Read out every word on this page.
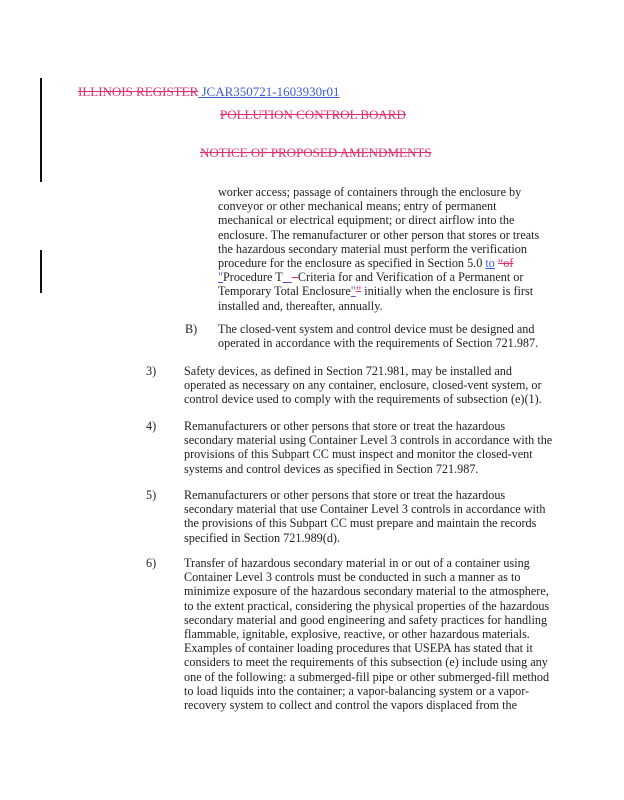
ILLINOIS REGISTER JCAR350721-1603930r01
POLLUTION CONTROL BOARD
NOTICE OF PROPOSED AMENDMENTS

worker access; passage of containers through the enclosure by conveyor or other mechanical means; entry of permanent mechanical or electrical equipment; or direct airflow into the enclosure. The remanufacturer or other person that stores or treats the hazardous secondary material must perform the verification procedure for the enclosure as specified in Section 5.0 to “of
"Procedure T –Criteria for and Verification of a Permanent or Temporary Total Enclosure"” initially when the enclosure is first installed and, thereafter, annually.

B) The closed-vent system and control device must be designed and operated in accordance with the requirements of Section 721.987.

3) Safety devices, as defined in Section 721.981, may be installed and operated as necessary on any container, enclosure, closed-vent system, or control device used to comply with the requirements of subsection (e)(1).

4) Remanufacturers or other persons that store or treat the hazardous secondary material using Container Level 3 controls in accordance with the provisions of this Subpart CC must inspect and monitor the closed-vent systems and control devices as specified in Section 721.987.

5) Remanufacturers or other persons that store or treat the hazardous secondary material that use Container Level 3 controls in accordance with the provisions of this Subpart CC must prepare and maintain the records specified in Section 721.989(d).

6) Transfer of hazardous secondary material in or out of a container using Container Level 3 controls must be conducted in such a manner as to minimize exposure of the hazardous secondary material to the atmosphere, to the extent practical, considering the physical properties of the hazardous secondary material and good engineering and safety practices for handling flammable, ignitable, explosive, reactive, or other hazardous materials. Examples of container loading procedures that USEPA has stated that it considers to meet the requirements of this subsection (e) include using any one of the following: a submerged-fill pipe or other submerged-fill method to load liquids into the container; a vapor-balancing system or a vapor-recovery system to collect and control the vapors displaced from the
